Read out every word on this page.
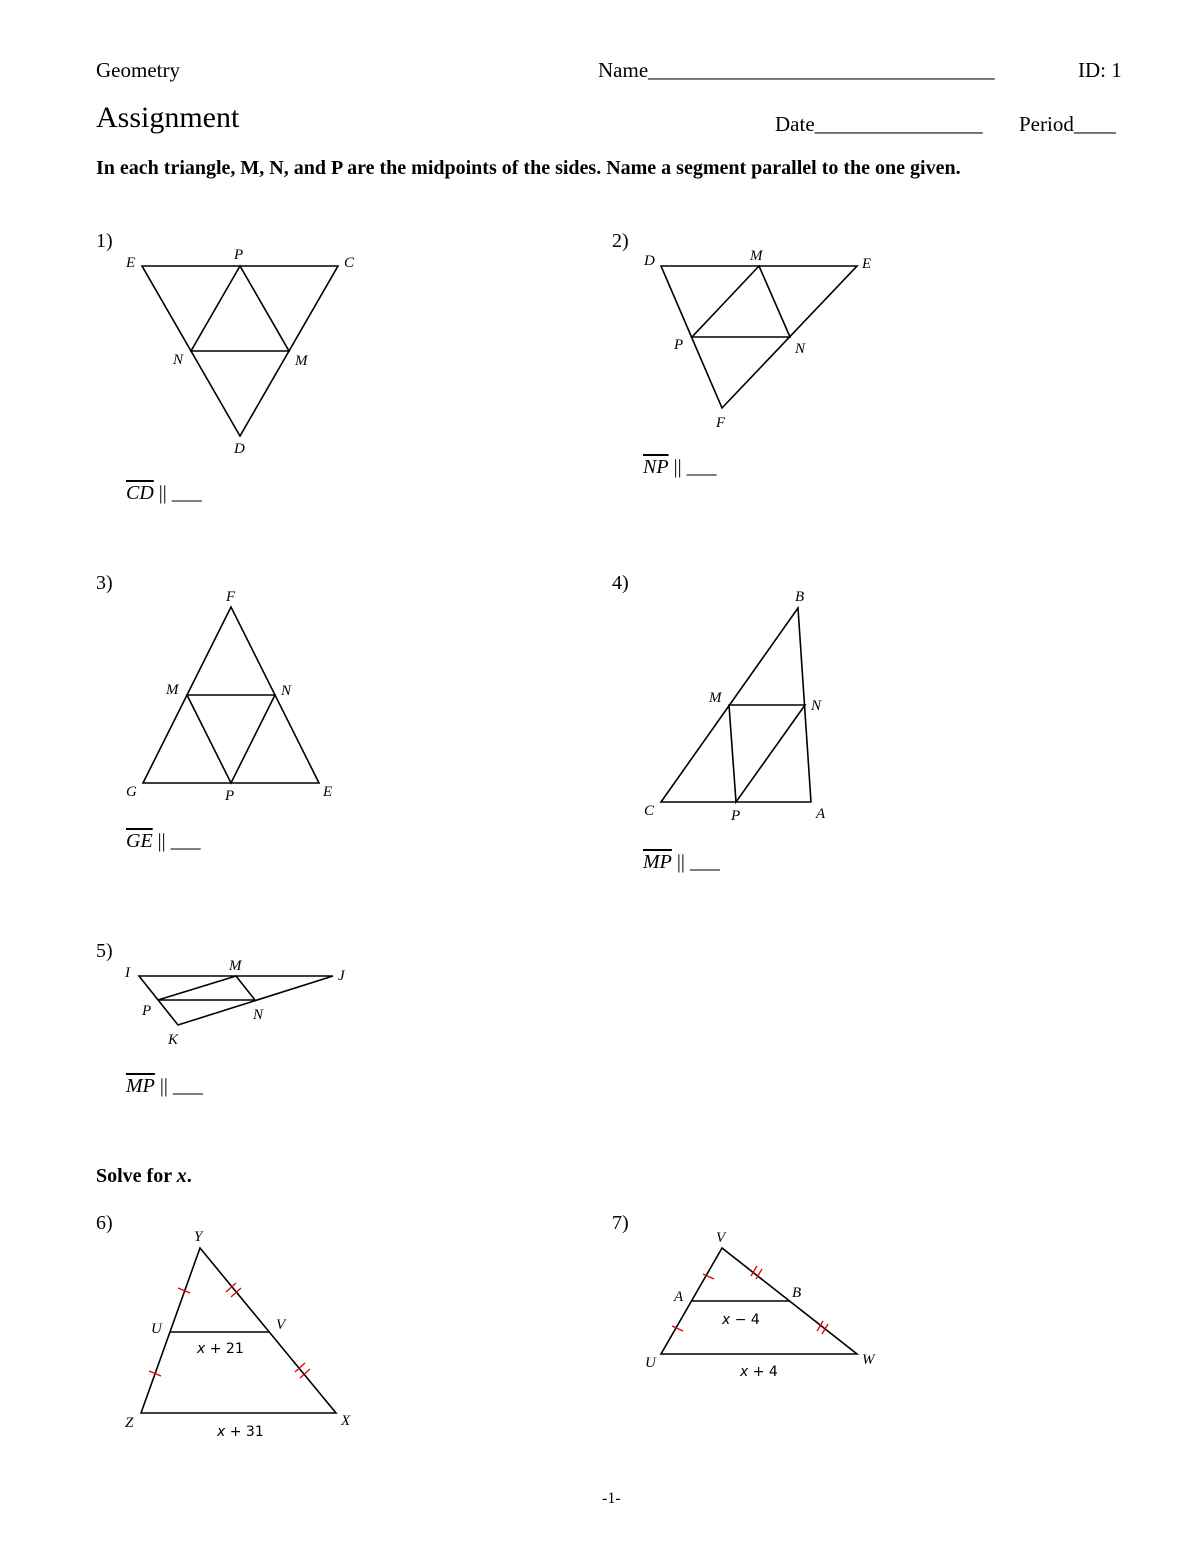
Geometry	Name_________________________________	ID: 1
Assignment	Date________________ Period____
In each triangle, M, N, and P are the midpoints of the sides. Name a segment parallel to the one given.
1)
E	P	C
N	M
D
$\overline{CD}$ || ___
2)
D	M	E
P	N
F
$\overline{NP}$ || ___
3)
F
M	N
G	P	E
$\overline{GE}$ || ___
4)
B
M	N
C	P	A
$\overline{MP}$ || ___
5)
I	M
J
P	N
K
$\overline{MP}$ || ___
Solve for x.
6)
Y
U	V
Z	X
x + 21
x + 31
7)
V
A	B
U	W
x − 4
x + 4
-1-
